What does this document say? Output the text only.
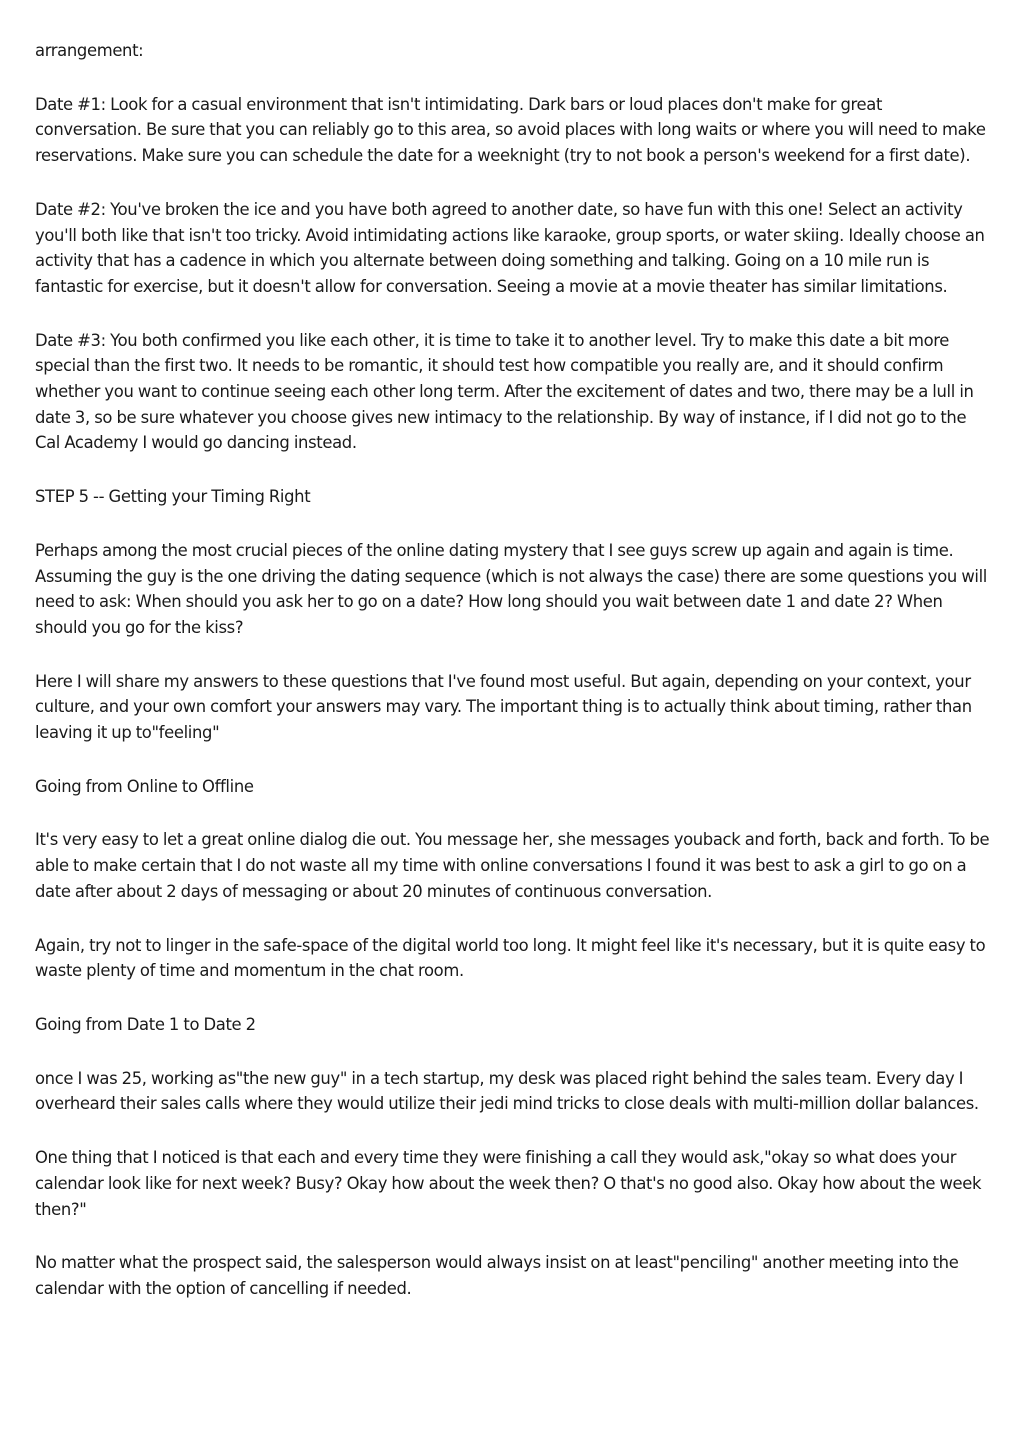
arrangement:

Date #1: Look for a casual environment that isn't intimidating. Dark bars or loud places don't make for great conversation. Be sure that you can reliably go to this area, so avoid places with long waits or where you will need to make reservations. Make sure you can schedule the date for a weeknight (try to not book a person's weekend for a first date).

Date #2: You've broken the ice and you have both agreed to another date, so have fun with this one! Select an activity you'll both like that isn't too tricky. Avoid intimidating actions like karaoke, group sports, or water skiing. Ideally choose an activity that has a cadence in which you alternate between doing something and talking. Going on a 10 mile run is fantastic for exercise, but it doesn't allow for conversation. Seeing a movie at a movie theater has similar limitations.

Date #3: You both confirmed you like each other, it is time to take it to another level. Try to make this date a bit more special than the first two. It needs to be romantic, it should test how compatible you really are, and it should confirm whether you want to continue seeing each other long term. After the excitement of dates and two, there may be a lull in date 3, so be sure whatever you choose gives new intimacy to the relationship. By way of instance, if I did not go to the Cal Academy I would go dancing instead.

STEP 5 -- Getting your Timing Right

Perhaps among the most crucial pieces of the online dating mystery that I see guys screw up again and again is time. Assuming the guy is the one driving the dating sequence (which is not always the case) there are some questions you will need to ask: When should you ask her to go on a date? How long should you wait between date 1 and date 2? When should you go for the kiss?

Here I will share my answers to these questions that I've found most useful. But again, depending on your context, your culture, and your own comfort your answers may vary. The important thing is to actually think about timing, rather than leaving it up to"feeling"

Going from Online to Offline

It's very easy to let a great online dialog die out. You message her, she messages youback and forth, back and forth. To be able to make certain that I do not waste all my time with online conversations I found it was best to ask a girl to go on a date after about 2 days of messaging or about 20 minutes of continuous conversation.

Again, try not to linger in the safe-space of the digital world too long. It might feel like it's necessary, but it is quite easy to waste plenty of time and momentum in the chat room.

Going from Date 1 to Date 2

once I was 25, working as"the new guy" in a tech startup, my desk was placed right behind the sales team. Every day I overheard their sales calls where they would utilize their jedi mind tricks to close deals with multi-million dollar balances.

One thing that I noticed is that each and every time they were finishing a call they would ask,"okay so what does your calendar look like for next week? Busy? Okay how about the week then? O that's no good also. Okay how about the week then?"

No matter what the prospect said, the salesperson would always insist on at least"penciling" another meeting into the calendar with the option of cancelling if needed.
